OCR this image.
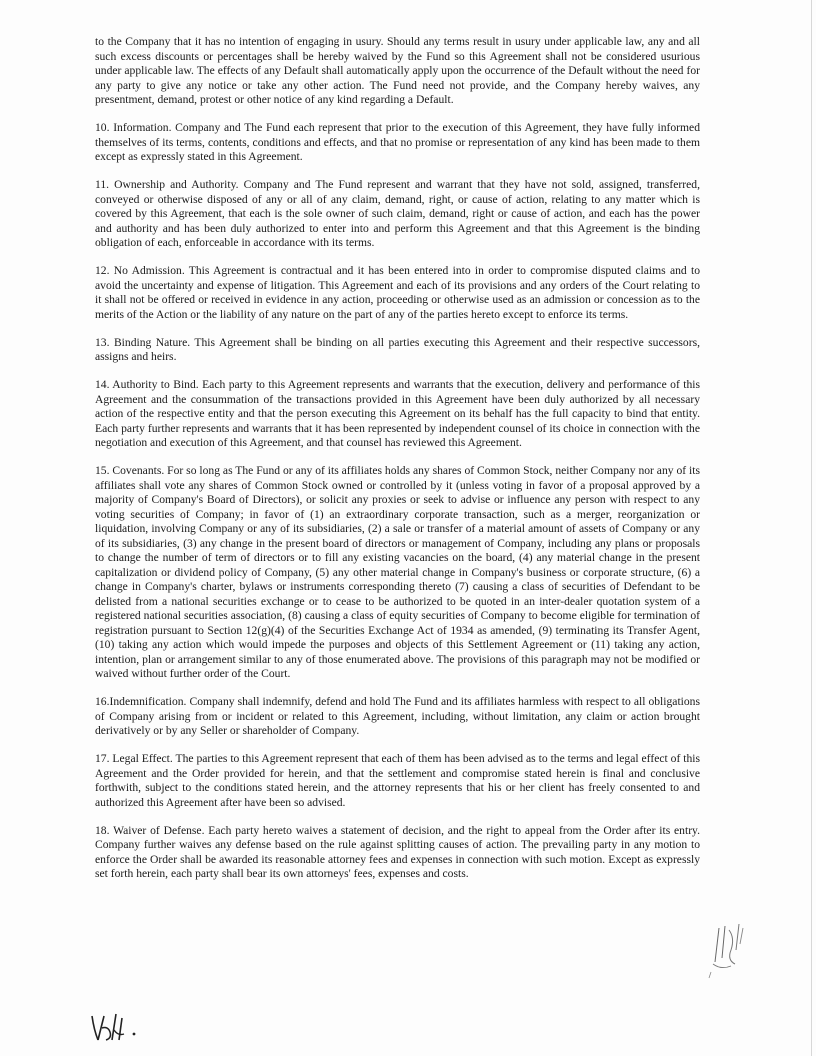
to the Company that it has no intention of engaging in usury. Should any terms result in usury under applicable law, any and all such excess discounts or percentages shall be hereby waived by the Fund so this Agreement shall not be considered usurious under applicable law. The effects of any Default shall automatically apply upon the occurrence of the Default without the need for any party to give any notice or take any other action. The Fund need not provide, and the Company hereby waives, any presentment, demand, protest or other notice of any kind regarding a Default.

10. Information. Company and The Fund each represent that prior to the execution of this Agreement, they have fully informed themselves of its terms, contents, conditions and effects, and that no promise or representation of any kind has been made to them except as expressly stated in this Agreement.

11. Ownership and Authority. Company and The Fund represent and warrant that they have not sold, assigned, transferred, conveyed or otherwise disposed of any or all of any claim, demand, right, or cause of action, relating to any matter which is covered by this Agreement, that each is the sole owner of such claim, demand, right or cause of action, and each has the power and authority and has been duly authorized to enter into and perform this Agreement and that this Agreement is the binding obligation of each, enforceable in accordance with its terms.

12. No Admission. This Agreement is contractual and it has been entered into in order to compromise disputed claims and to avoid the uncertainty and expense of litigation. This Agreement and each of its provisions and any orders of the Court relating to it shall not be offered or received in evidence in any action, proceeding or otherwise used as an admission or concession as to the merits of the Action or the liability of any nature on the part of any of the parties hereto except to enforce its terms.

13. Binding Nature. This Agreement shall be binding on all parties executing this Agreement and their respective successors, assigns and heirs.

14. Authority to Bind. Each party to this Agreement represents and warrants that the execution, delivery and performance of this Agreement and the consummation of the transactions provided in this Agreement have been duly authorized by all necessary action of the respective entity and that the person executing this Agreement on its behalf has the full capacity to bind that entity. Each party further represents and warrants that it has been represented by independent counsel of its choice in connection with the negotiation and execution of this Agreement, and that counsel has reviewed this Agreement.

15. Covenants. For so long as The Fund or any of its affiliates holds any shares of Common Stock, neither Company nor any of its affiliates shall vote any shares of Common Stock owned or controlled by it (unless voting in favor of a proposal approved by a majority of Company's Board of Directors), or solicit any proxies or seek to advise or influence any person with respect to any voting securities of Company; in favor of (1) an extraordinary corporate transaction, such as a merger, reorganization or liquidation, involving Company or any of its subsidiaries, (2) a sale or transfer of a material amount of assets of Company or any of its subsidiaries, (3) any change in the present board of directors or management of Company, including any plans or proposals to change the number of term of directors or to fill any existing vacancies on the board, (4) any material change in the present capitalization or dividend policy of Company, (5) any other material change in Company's business or corporate structure, (6) a change in Company's charter, bylaws or instruments corresponding thereto (7) causing a class of securities of Defendant to be delisted from a national securities exchange or to cease to be authorized to be quoted in an inter-dealer quotation system of a registered national securities association, (8) causing a class of equity securities of Company to become eligible for termination of registration pursuant to Section 12(g)(4) of the Securities Exchange Act of 1934 as amended, (9) terminating its Transfer Agent, (10) taking any action which would impede the purposes and objects of this Settlement Agreement or (11) taking any action, intention, plan or arrangement similar to any of those enumerated above. The provisions of this paragraph may not be modified or waived without further order of the Court.

16.Indemnification. Company shall indemnify, defend and hold The Fund and its affiliates harmless with respect to all obligations of Company arising from or incident or related to this Agreement, including, without limitation, any claim or action brought derivatively or by any Seller or shareholder of Company.

17. Legal Effect. The parties to this Agreement represent that each of them has been advised as to the terms and legal effect of this Agreement and the Order provided for herein, and that the settlement and compromise stated herein is final and conclusive forthwith, subject to the conditions stated herein, and the attorney represents that his or her client has freely consented to and authorized this Agreement after have been so advised.

18. Waiver of Defense. Each party hereto waives a statement of decision, and the right to appeal from the Order after its entry. Company further waives any defense based on the rule against splitting causes of action. The prevailing party in any motion to enforce the Order shall be awarded its reasonable attorney fees and expenses in connection with such motion. Except as expressly set forth herein, each party shall bear its own attorneys' fees, expenses and costs.
